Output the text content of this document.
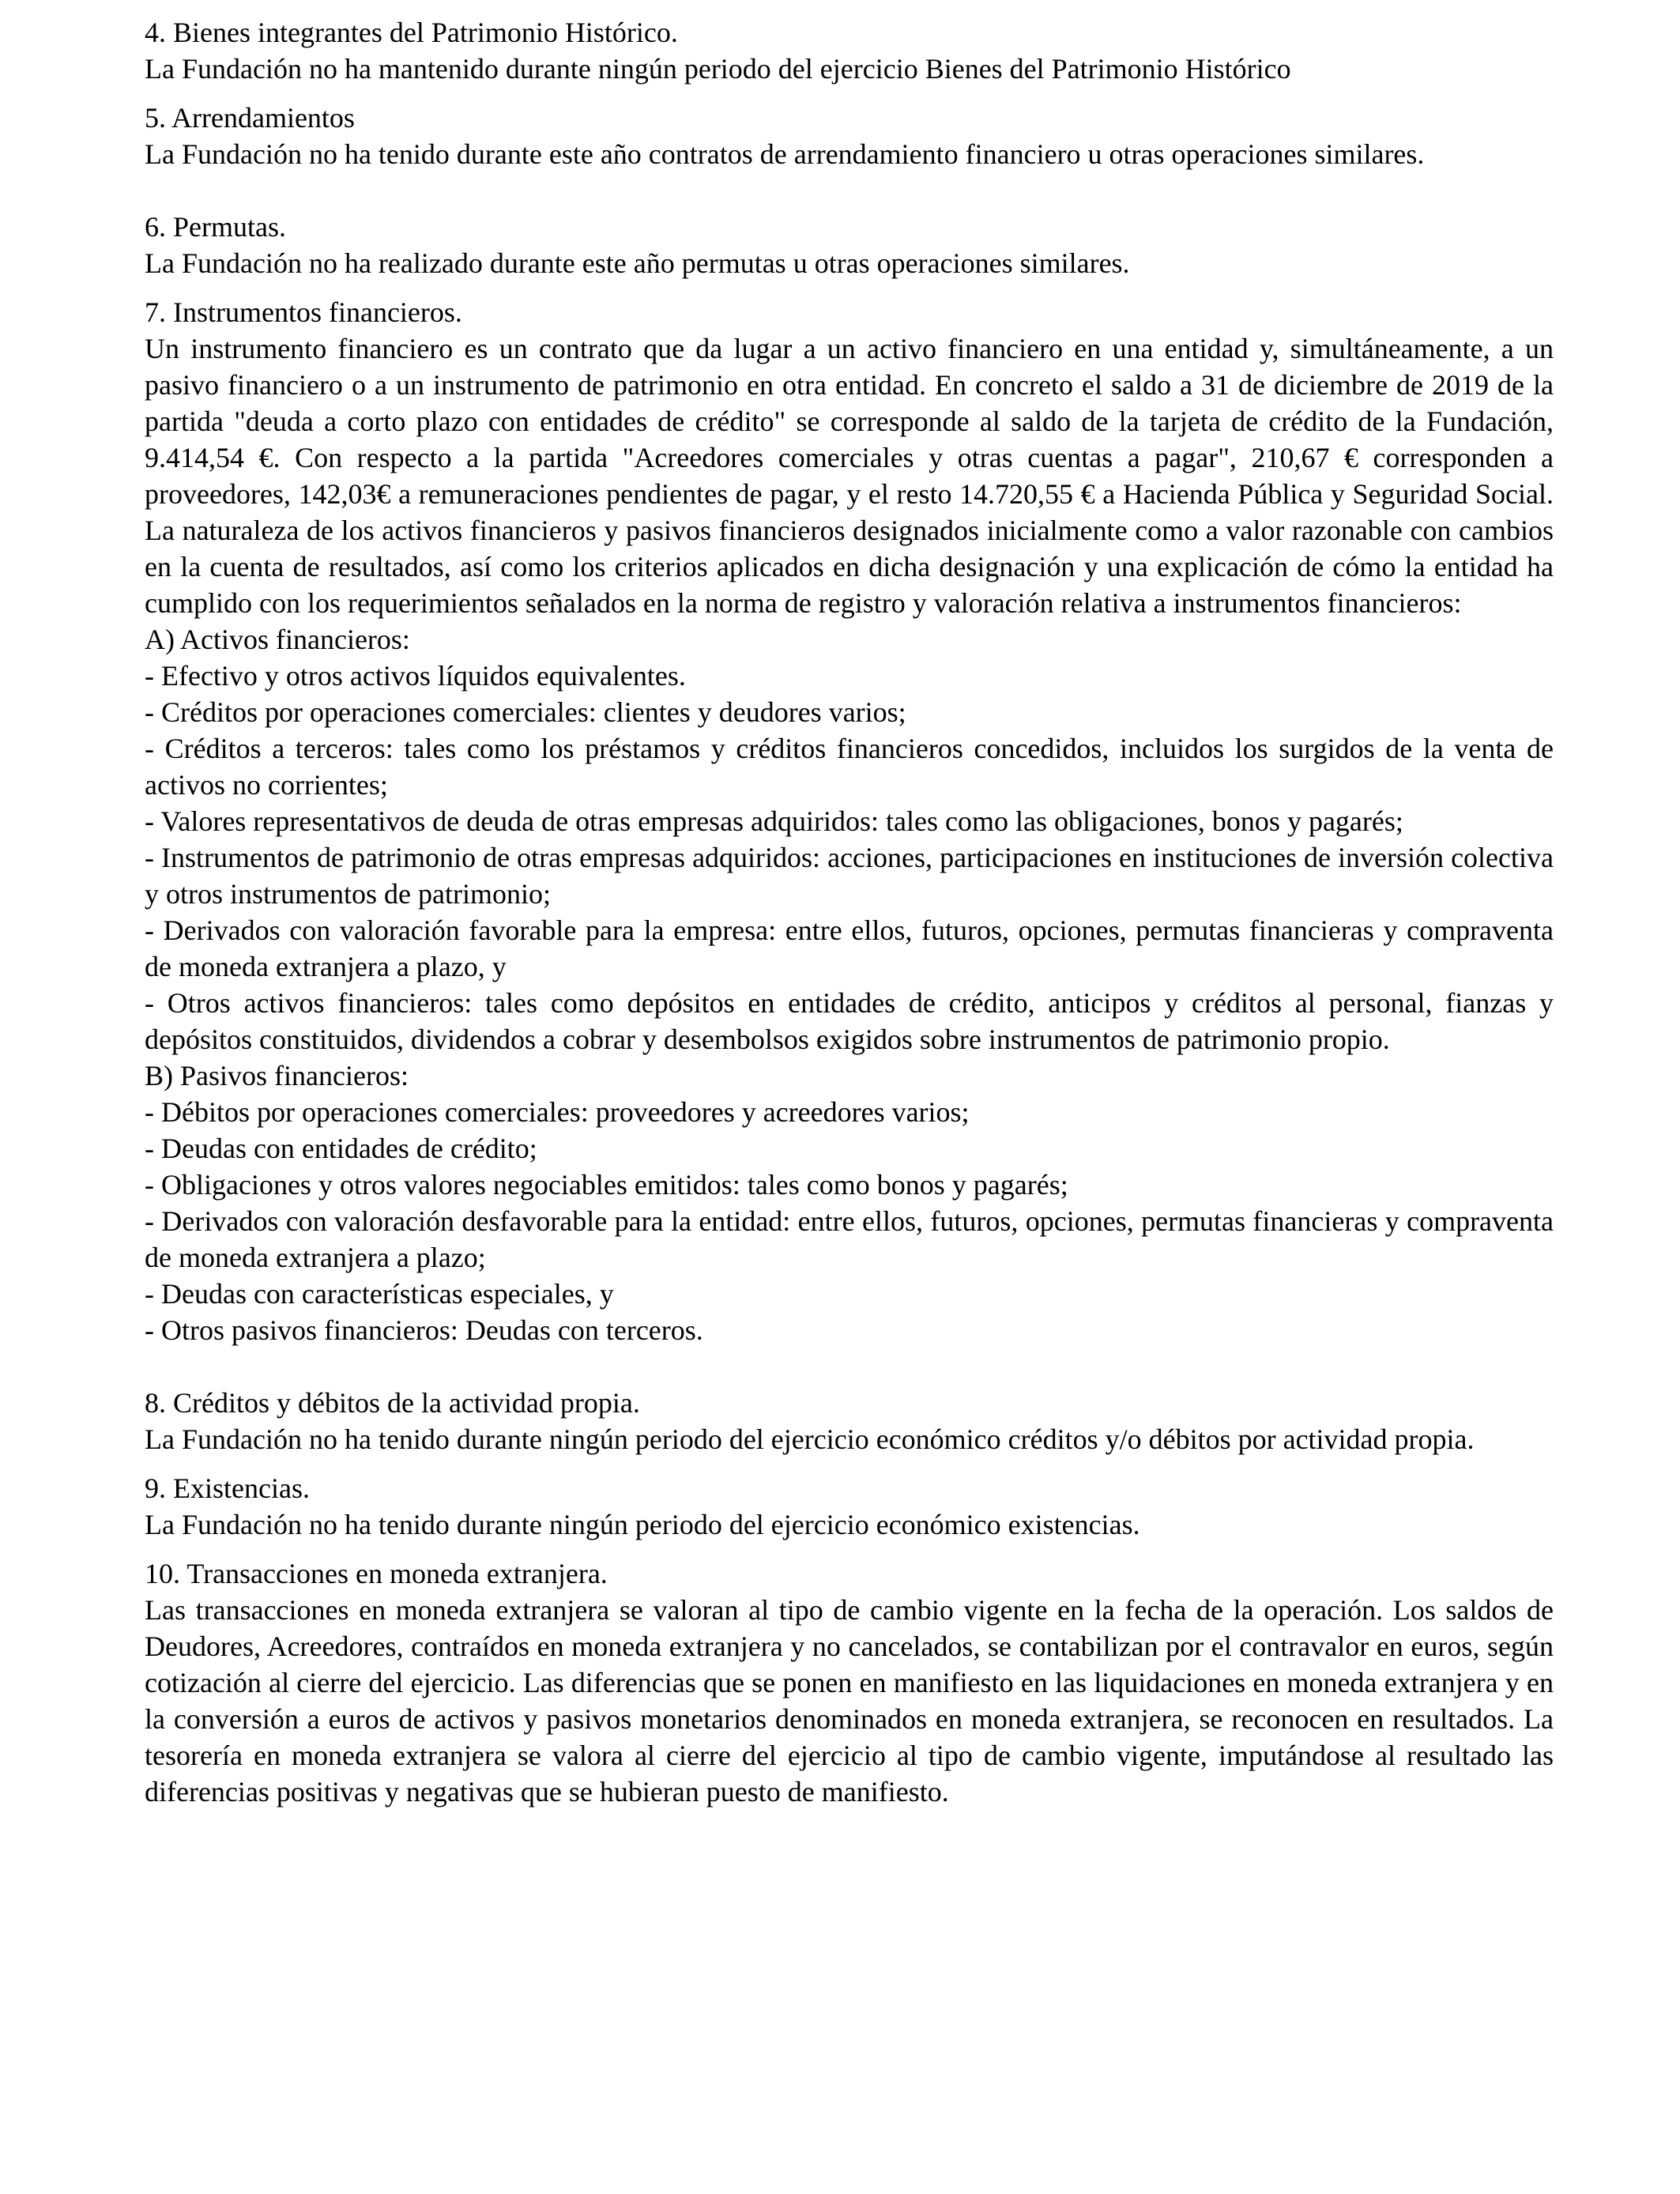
4. Bienes integrantes del Patrimonio Histórico.

La Fundación no ha mantenido durante ningún periodo del ejercicio Bienes del Patrimonio Histórico

5. Arrendamientos

La Fundación no ha tenido durante este año contratos de arrendamiento financiero u otras operaciones similares.

6. Permutas.

La Fundación no ha realizado durante este año permutas u otras operaciones similares.

7. Instrumentos financieros.

Un instrumento financiero es un contrato que da lugar a un activo financiero en una entidad y, simultáneamente, a un pasivo financiero o a un instrumento de patrimonio en otra entidad. En concreto el saldo a 31 de diciembre de 2019 de la partida "deuda a corto plazo con entidades de crédito" se corresponde al saldo de la tarjeta de crédito de la Fundación, 9.414,54 €. Con respecto a la partida "Acreedores comerciales y otras cuentas a pagar", 210,67 € corresponden a proveedores, 142,03€ a remuneraciones pendientes de pagar, y el resto 14.720,55 € a Hacienda Pública y Seguridad Social. La naturaleza de los activos financieros y pasivos financieros designados inicialmente como a valor razonable con cambios en la cuenta de resultados, así como los criterios aplicados en dicha designación y una explicación de cómo la entidad ha cumplido con los requerimientos señalados en la norma de registro y valoración relativa a instrumentos financieros:

A) Activos financieros:
- Efectivo y otros activos líquidos equivalentes.
- Créditos por operaciones comerciales: clientes y deudores varios;
- Créditos a terceros: tales como los préstamos y créditos financieros concedidos, incluidos los surgidos de la venta de activos no corrientes;
- Valores representativos de deuda de otras empresas adquiridos: tales como las obligaciones, bonos y pagarés;
- Instrumentos de patrimonio de otras empresas adquiridos: acciones, participaciones en instituciones de inversión colectiva y otros instrumentos de patrimonio;
- Derivados con valoración favorable para la empresa: entre ellos, futuros, opciones, permutas financieras y compraventa de moneda extranjera a plazo, y
- Otros activos financieros: tales como depósitos en entidades de crédito, anticipos y créditos al personal, fianzas y depósitos constituidos, dividendos a cobrar y desembolsos exigidos sobre instrumentos de patrimonio propio.
B) Pasivos financieros:
- Débitos por operaciones comerciales: proveedores y acreedores varios;
- Deudas con entidades de crédito;
- Obligaciones y otros valores negociables emitidos: tales como bonos y pagarés;
- Derivados con valoración desfavorable para la entidad: entre ellos, futuros, opciones, permutas financieras y compraventa de moneda extranjera a plazo;
- Deudas con características especiales, y
- Otros pasivos financieros: Deudas con terceros.
8. Créditos y débitos de la actividad propia.

La Fundación no ha tenido durante ningún periodo del ejercicio económico créditos y/o débitos por actividad propia.

9. Existencias.

La Fundación no ha tenido durante ningún periodo del ejercicio económico existencias.

10. Transacciones en moneda extranjera.

Las transacciones en moneda extranjera se valoran al tipo de cambio vigente en la fecha de la operación. Los saldos de Deudores, Acreedores, contraídos en moneda extranjera y no cancelados, se contabilizan por el contravalor en euros, según cotización al cierre del ejercicio. Las diferencias que se ponen en manifiesto en las liquidaciones en moneda extranjera y en la conversión a euros de activos y pasivos monetarios denominados en moneda extranjera, se reconocen en resultados. La tesorería en moneda extranjera se valora al cierre del ejercicio al tipo de cambio vigente, imputándose al resultado las diferencias positivas y negativas que se hubieran puesto de manifiesto.
